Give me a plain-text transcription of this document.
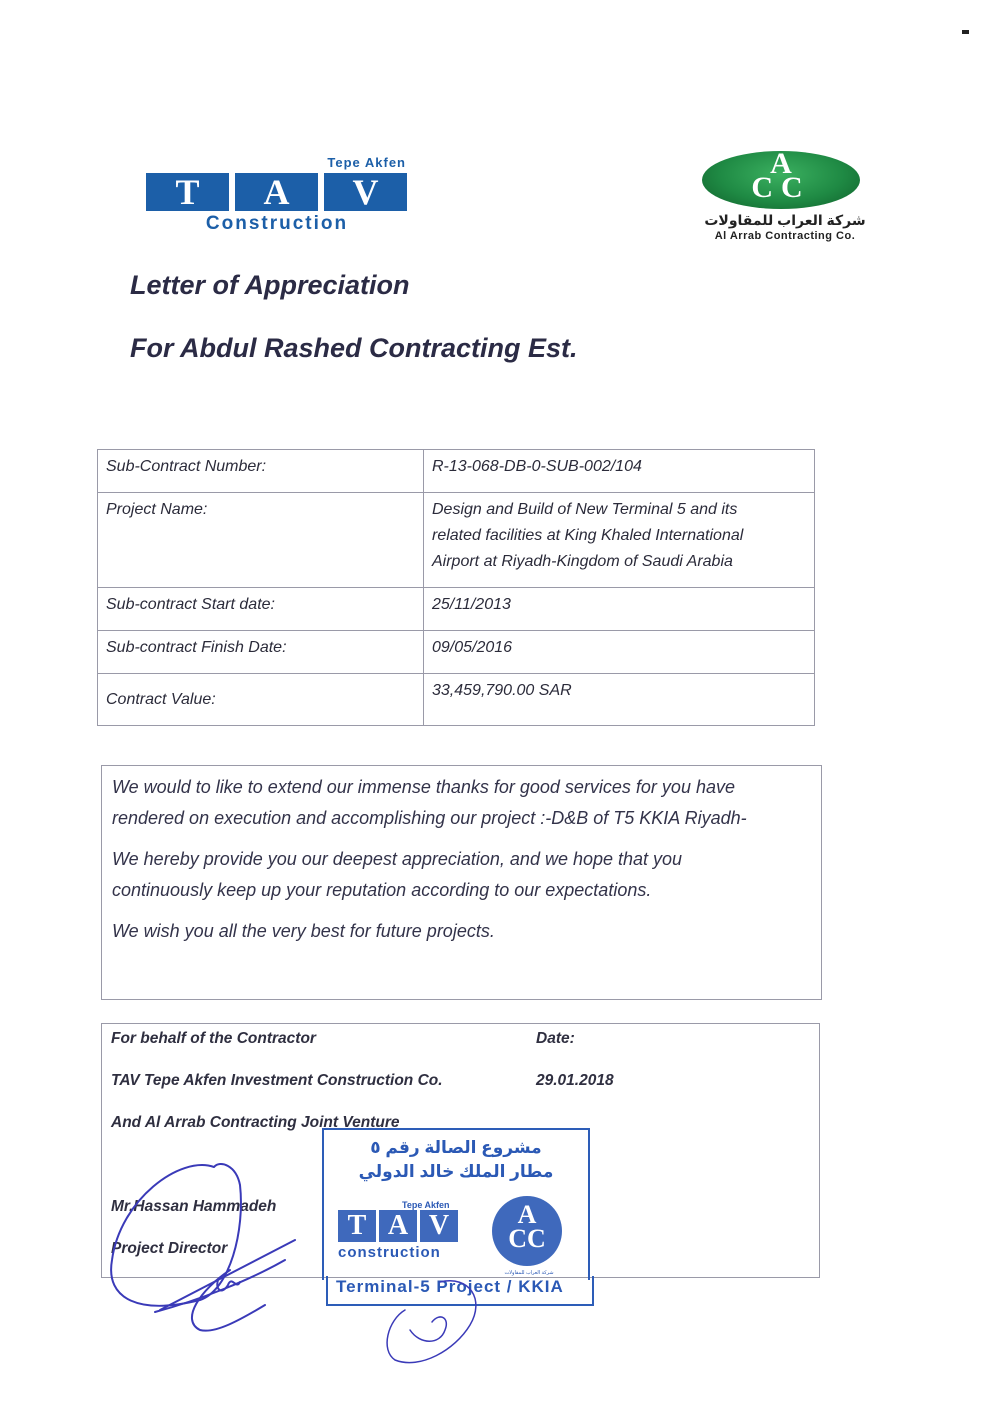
Tepe Akfen
T	A	V
Construction
A
CC
شركة العراب للمقاولات
Al Arrab Contracting Co.
Letter of Appreciation
For Abdul Rashed Contracting Est.
Sub-Contract Number:	R-13-068-DB-0-SUB-002/104
Project Name:	Design and Build of New Terminal 5 and its
related facilities at King Khaled International
Airport at Riyadh-Kingdom of Saudi Arabia

Sub-contract Start date:	25/11/2013
Sub-contract Finish Date:	09/05/2016
Contract Value:	33,459,790.00 SAR

We would to like to extend our immense thanks for good services for you have
rendered on execution and accomplishing our project :-D&B of T5 KKIA Riyadh-

We hereby provide you our deepest appreciation, and we hope that you
continuously keep up your reputation according to our expectations.

We wish you all the very best for future projects.

For behalf of the Contractor	Date:
TAV Tepe Akfen Investment Construction Co.	29.01.2018
And Al Arrab Contracting Joint Venture
Mr.Hassan Hammadeh
Project Director
مشروع الصالة رقم ٥
مطار الملك خالد الدولي
Tepe Akfen
T A V
construction
A
CC
شركة العراب للمقاولات
Terminal-5 Project / KKIA
